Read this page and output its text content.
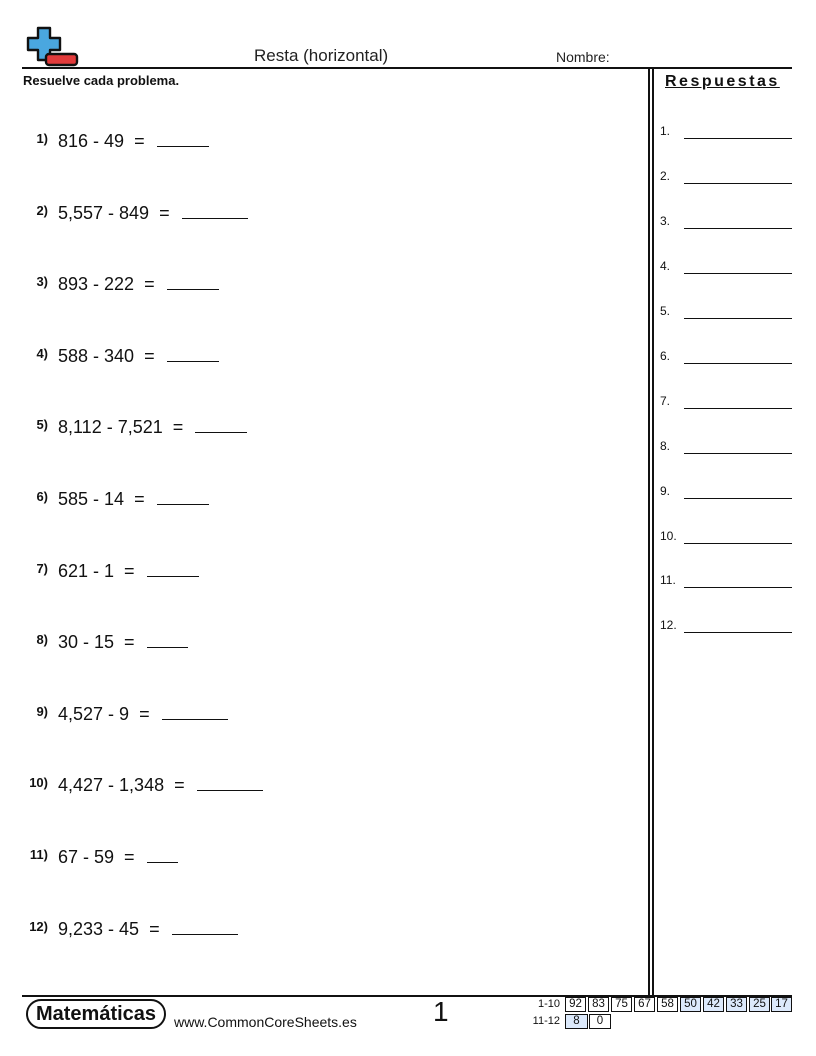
Resta (horizontal)	Nombre:
Resuelve cada problema.
1) 816 - 49 =
2) 5,557 - 849 =
3) 893 - 222 =
4) 588 - 340 =
5) 8,112 - 7,521 =
6) 585 - 14 =
7) 621 - 1 =
8) 30 - 15 =
9) 4,527 - 9 =
10) 4,427 - 1,348 =
11) 67 - 59 =
12) 9,233 - 45 =
Respuestas
1.
2.
3.
4.
5.
6.
7.
8.
9.
10.
11.
12.
Matemáticas	www.CommonCoreSheets.es	1	1-10 92 83 75 67 58 50 42 33 25 17
11-12	8	0
